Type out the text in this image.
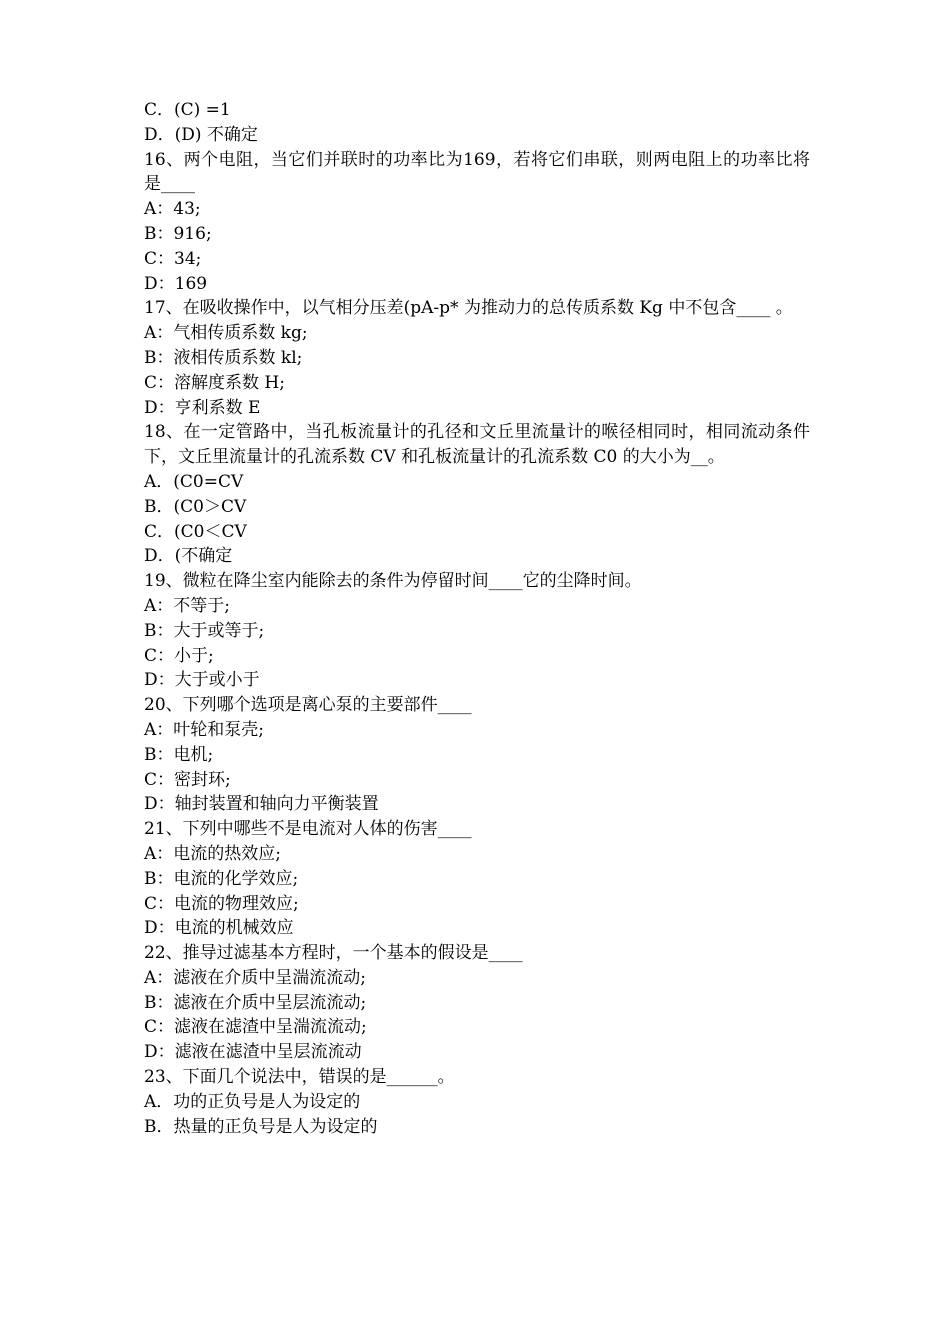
C．(C) =1
D．(D) 不确定
16、两个电阻，当它们并联时的功率比为169，若将它们串联，则两电阻上的功率比将是____
A：43;
B：916;
C：34;
D：169
17、在吸收操作中，以气相分压差(pA-p* 为推动力的总传质系数 Kg 中不包含____ 。
A：气相传质系数 kg;
B：液相传质系数 kl;
C：溶解度系数 H;
D：亨利系数 E
18、在一定管路中，当孔板流量计的孔径和文丘里流量计的喉径相同时，相同流动条件下，文丘里流量计的孔流系数 CV 和孔板流量计的孔流系数 C0 的大小为__。
A．(C0=CV
B．(C0＞CV
C．(C0＜CV
D．(不确定
19、微粒在降尘室内能除去的条件为停留时间____它的尘降时间。
A：不等于;
B：大于或等于;
C：小于;
D：大于或小于
20、下列哪个选项是离心泵的主要部件____
A：叶轮和泵壳;
B：电机;
C：密封环;
D：轴封装置和轴向力平衡装置
21、下列中哪些不是电流对人体的伤害____
A：电流的热效应;
B：电流的化学效应;
C：电流的物理效应;
D：电流的机械效应
22、推导过滤基本方程时，一个基本的假设是____
A：滤液在介质中呈湍流流动;
B：滤液在介质中呈层流流动;
C：滤液在滤渣中呈湍流流动;
D：滤液在滤渣中呈层流流动
23、下面几个说法中，错误的是______。
A．功的正负号是人为设定的
B．热量的正负号是人为设定的
